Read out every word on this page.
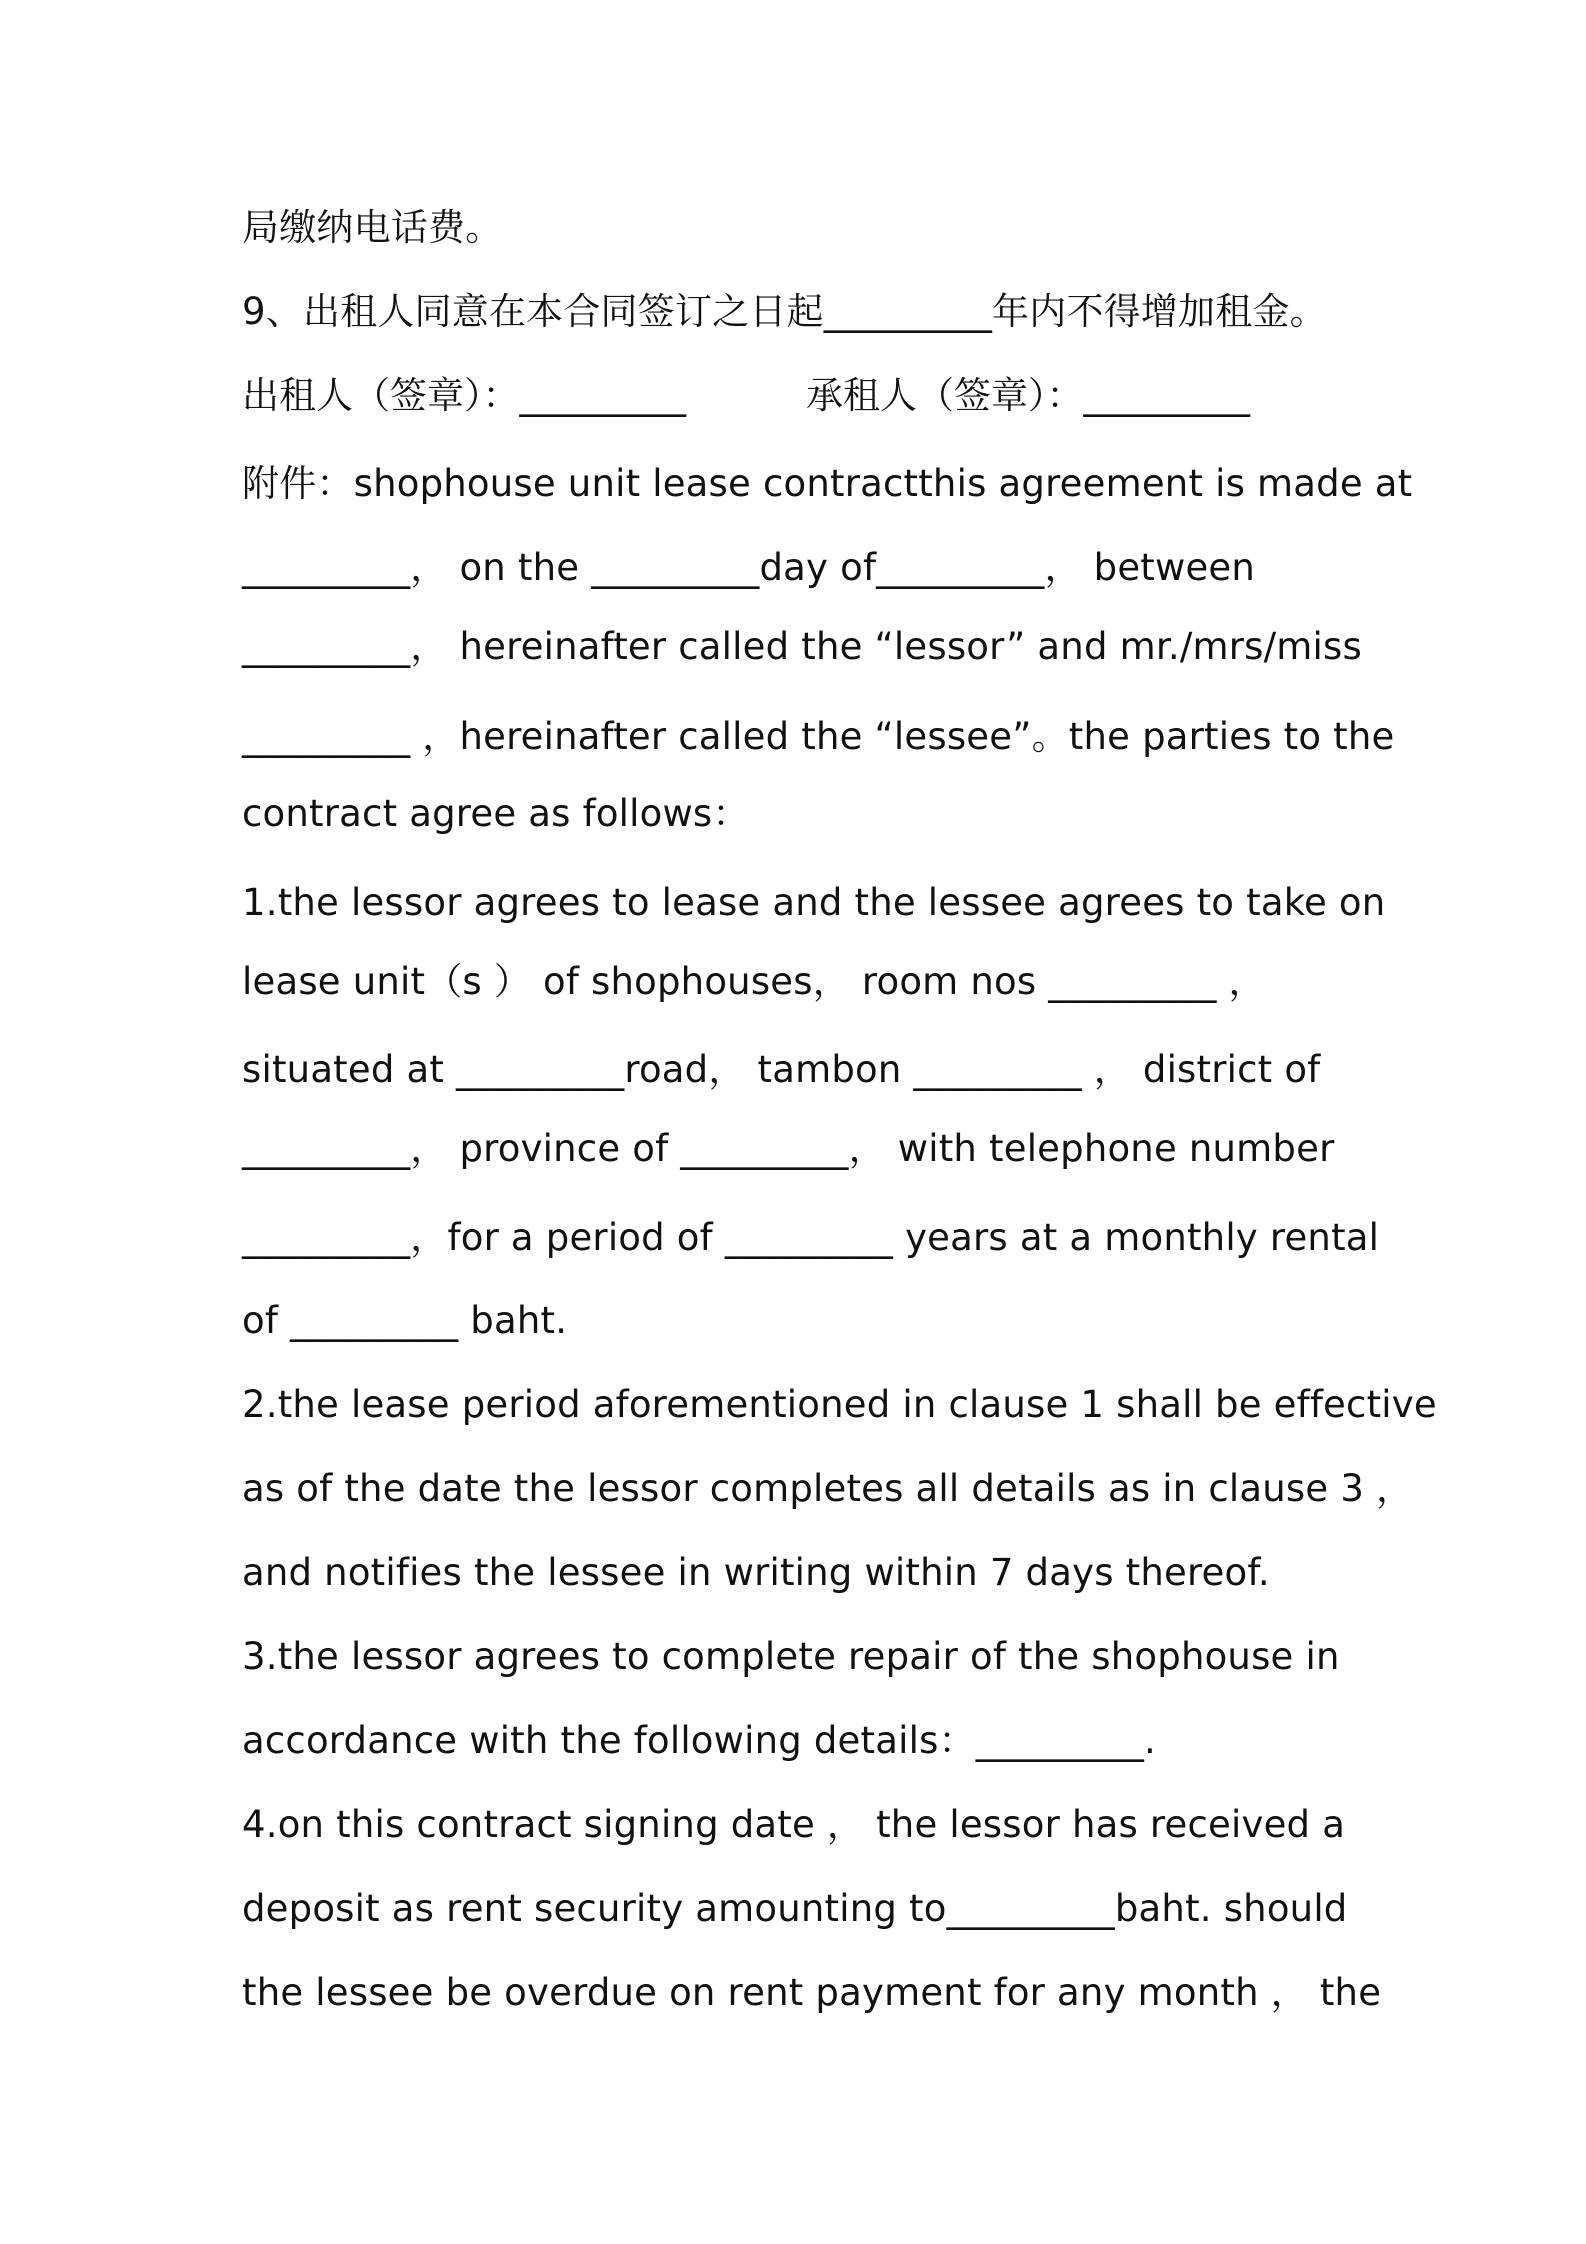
局缴纳电话费。
9、出租人同意在本合同签订之日起_________年内不得增加租金。
出租人（签章）：_________	承租人（签章）：_________
附件：shophouse unit lease contractthis agreement is made at
_________， on the _________day of_________， between
_________， hereinafter called the “lessor” and mr./mrs/miss
_________ ，hereinafter called the “lessee”。the parties to the
contract agree as follows：
1.the lessor agrees to lease and the lessee agrees to take on
lease unit（s ） of shophouses， room nos _________ ，
situated at _________road， tambon _________ ， district of
_________， province of _________， with telephone number
_________，for a period of _________ years at a monthly rental
of _________ baht.
2.the lease period aforementioned in clause 1 shall be effective
as of the date the lessor completes all details as in clause 3 ，
and notifies the lessee in writing within 7 days thereof.
3.the lessor agrees to complete repair of the shophouse in
accordance with the following details：_________.
4.on this contract signing date ， the lessor has received a
deposit as rent security amounting to_________baht. should
the lessee be overdue on rent payment for any month ， the
